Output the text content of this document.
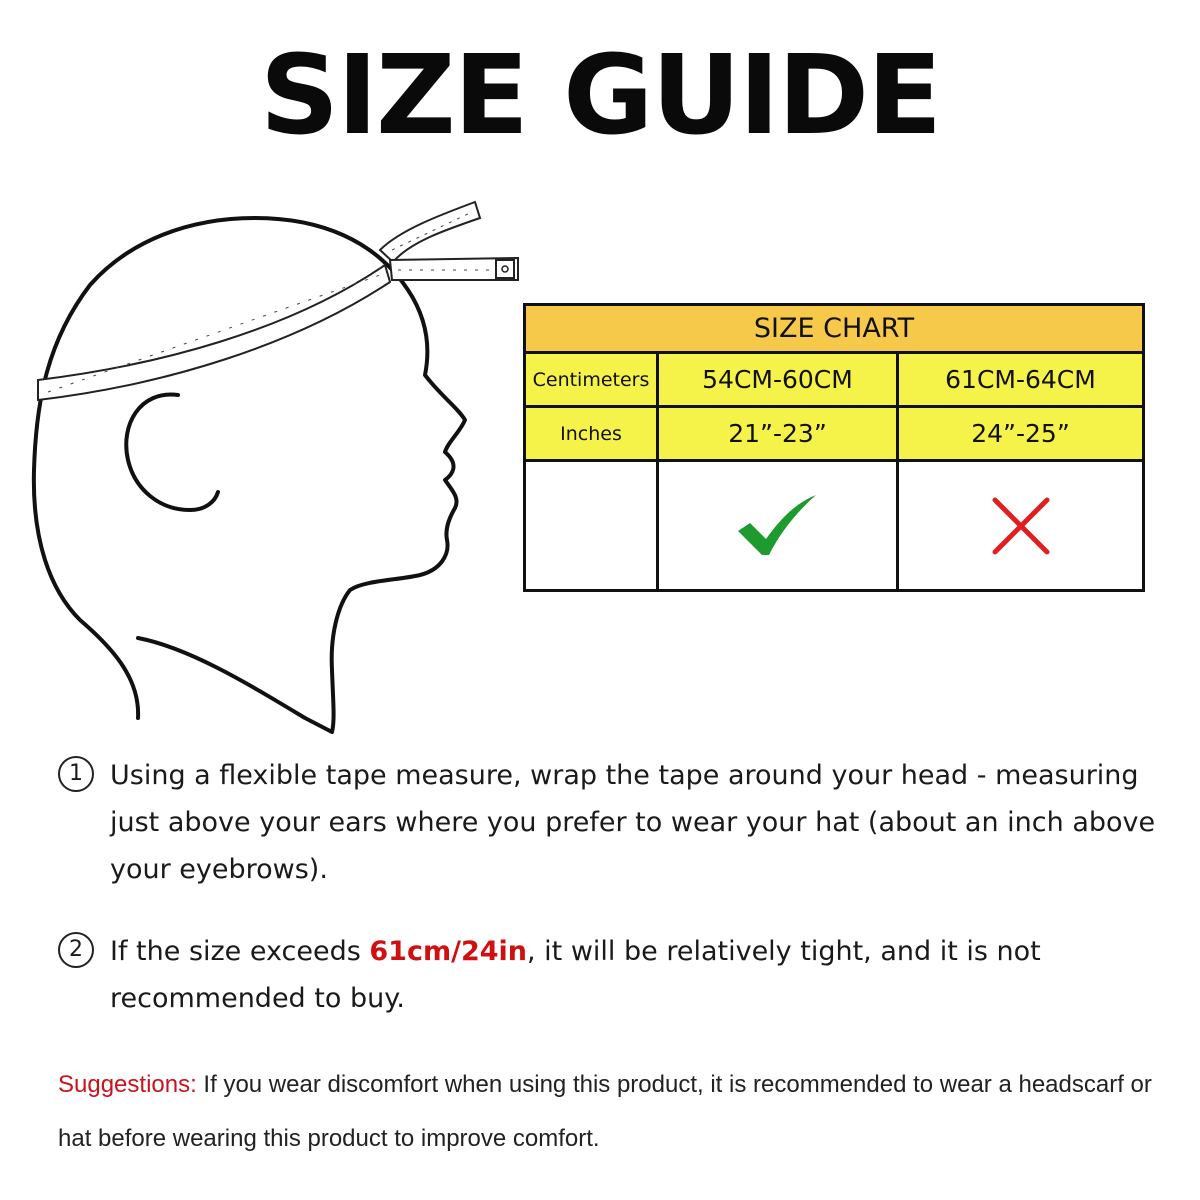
SIZE GUIDE
SIZE CHART
Centimeters	54CM-60CM	61CM-64CM
Inches	21”-23”	24”-25”
1	Using a flexible tape measure, wrap the tape around your head - measuring just above your ears where you prefer to wear your hat (about an inch above your eyebrows).
2	If the size exceeds 61cm/24in, it will be relatively tight, and it is not recommended to buy.
Suggestions: If you wear discomfort when using this product, it is recommended to wear a headscarf or hat before wearing this product to improve comfort.
